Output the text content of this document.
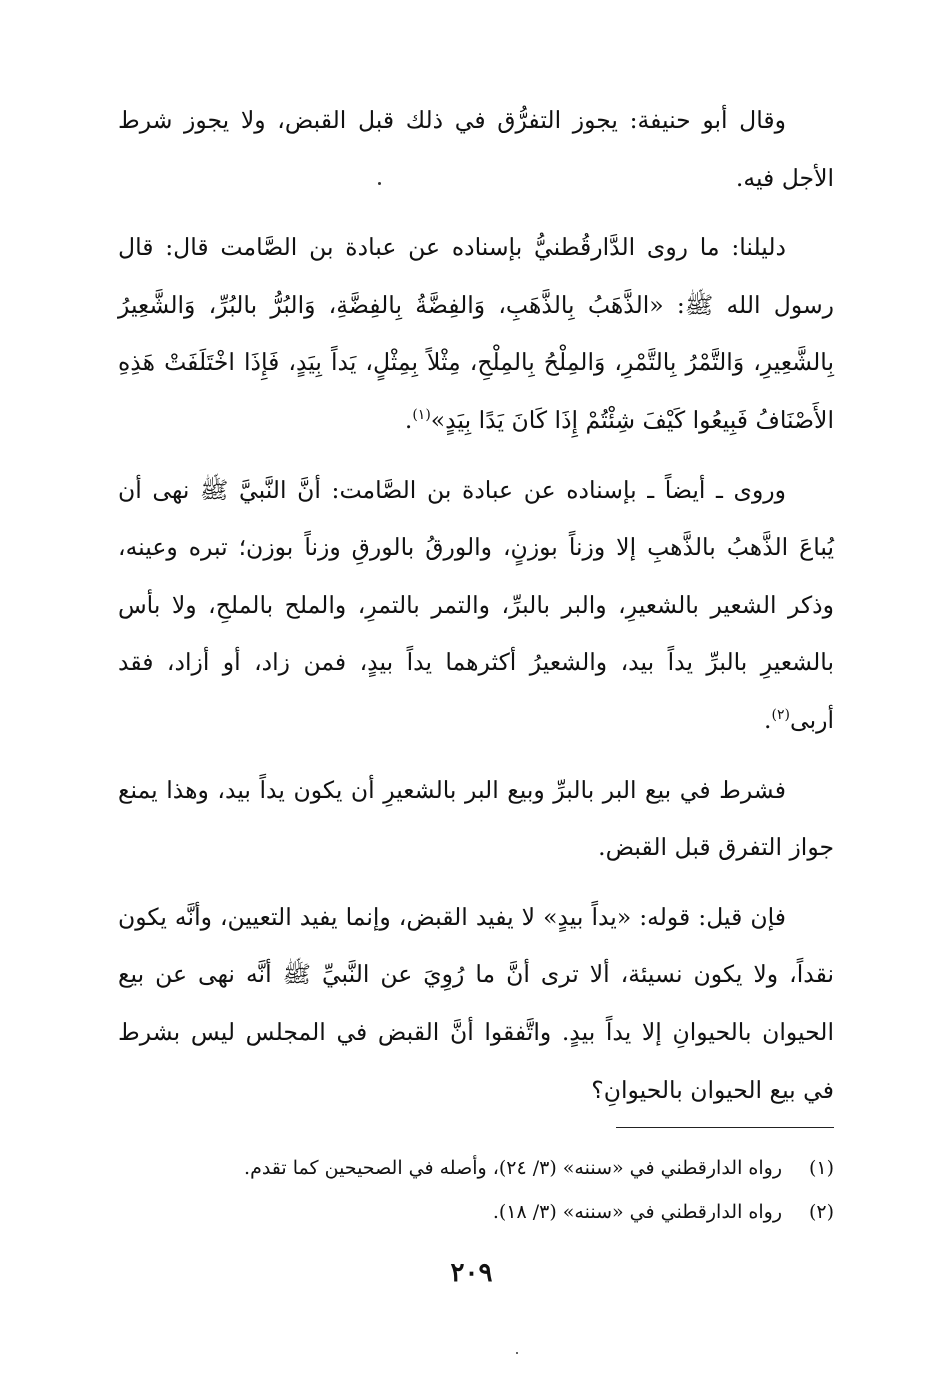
وقال أبو حنيفة: يجوز التفرُّق في ذلك قبل القبض، ولا يجوز شرط الأجل فيه.

دليلنا: ما روى الدَّارقُطنيُّ بإسناده عن عبادة بن الصَّامت قال: قال رسول الله ﷺ: «الذَّهَبُ بِالذَّهَبِ، وَالفِضَّةُ بِالفِضَّةِ، وَالبُرُّ بالبُرِّ، وَالشَّعِيرُ بِالشَّعِيرِ، وَالتَّمْرُ بِالتَّمْرِ، وَالمِلْحُ بِالمِلْحِ، مِثْلاً بِمِثْلٍ، يَداً بِيَدٍ، فَإِذَا اخْتَلَفَتْ هَذِهِ الأَصْنَافُ فَبِيعُوا كَيْفَ شِئْتُمْ إِذَا كَانَ يَدًا بِيَدٍ»$^{(١)}$.

وروى ـ أيضاً ـ بإسناده عن عبادة بن الصَّامت: أنَّ النَّبيَّ ﷺ نهى أن يُباعَ الذَّهبُ بالذَّهبِ إلا وزناً بوزنٍ، والورقُ بالورقِ وزناً بوزن؛ تبره وعينه، وذكر الشعير بالشعيرِ، والبر بالبرِّ، والتمر بالتمرِ، والملح بالملحِ، ولا بأس بالشعيرِ بالبرِّ يداً بيد، والشعيرُ أكثرهما يداً بيدٍ، فمن زاد، أو أزاد، فقد أربى$^{(٢)}$.

فشرط في بيع البر بالبرِّ وبيع البر بالشعيرِ أن يكون يداً بيد، وهذا يمنع جواز التفرق قبل القبض.

فإن قيل: قوله: «يداً بيدٍ» لا يفيد القبض، وإنما يفيد التعيين، وأنَّه يكون نقداً، ولا يكون نسيئة، ألا ترى أنَّ ما رُوِيَ عن النَّبيِّ ﷺ أنَّه نهى عن بيع الحيوان بالحيوانِ إلا يداً بيدٍ. واتَّفقوا أنَّ القبض في المجلس ليس بشرط في بيع الحيوان بالحيوانِ؟

(١)
رواه الدارقطني في «سننه» (٣/ ٢٤)، وأصله في الصحيحين كما تقدم.
(٢)
رواه الدارقطني في «سننه» (٣/ ١٨).
٢٠٩
